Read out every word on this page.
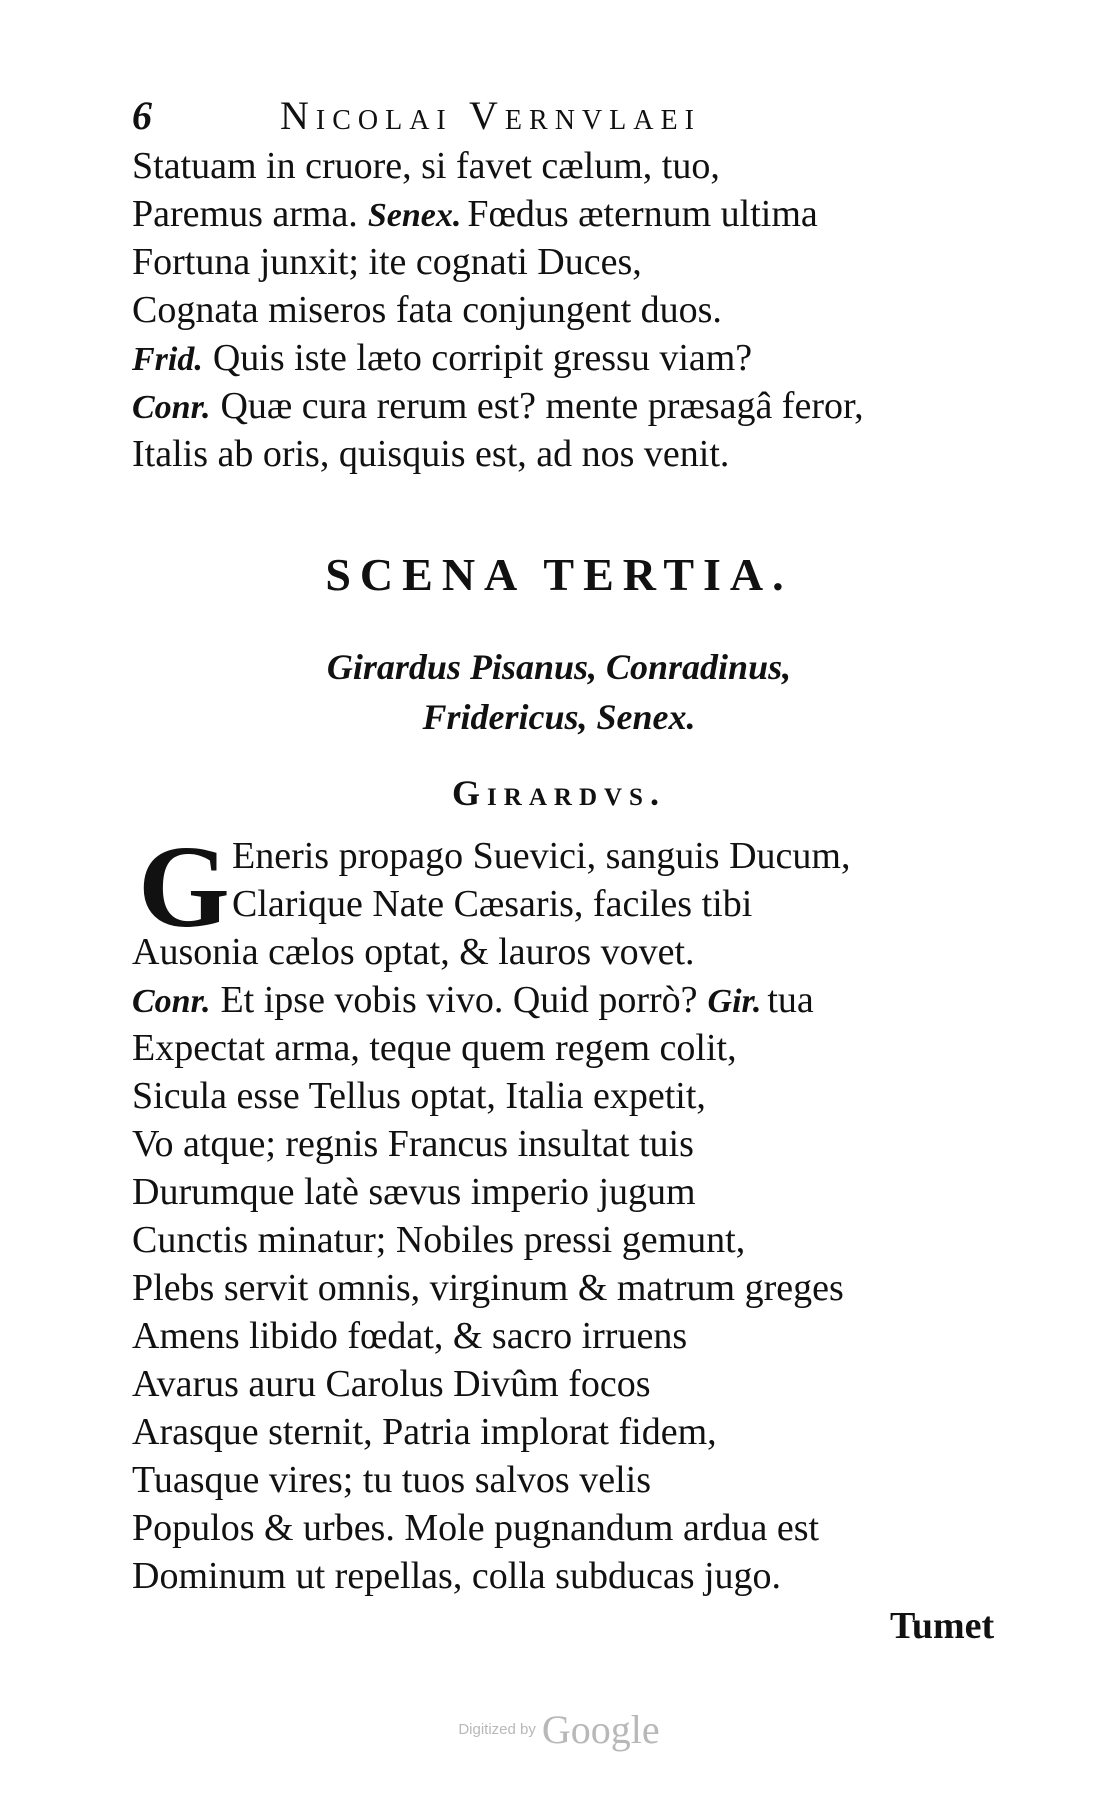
6	Nicolai Vernvlaei
Statuam in cruore, si favet cælum, tuo,
Paremus arma. Senex. Fœdus æternum ultima
Fortuna junxit; ite cognati Duces,
Cognata miseros fata conjungent duos.
Frid. Quis iste læto corripit gressu viam?
Conr. Quæ cura rerum est? mente præsagâ feror,
Italis ab oris, quisquis est, ad nos venit.
SCENA TERTIA.
Girardus Pisanus, Conradinus,
Fridericus, Senex.
Girardvs.
G Eneris propago Suevici, sanguis Ducum,
Clarique Nate Cæsaris, faciles tibi
Ausonia cælos optat, & lauros vovet.
Conr. Et ipse vobis vivo. Quid porrò? Gir. tua
Expectat arma, teque quem regem colit,
Sicula esse Tellus optat, Italia expetit,
Vo atque; regnis Francus insultat tuis
Durumque latè sævus imperio jugum
Cunctis minatur; Nobiles pressi gemunt,
Plebs servit omnis, virginum & matrum greges
Amens libido fœdat, & sacro irruens
Avarus auru Carolus Divûm focos
Arasque sternit, Patria implorat fidem,
Tuasque vires; tu tuos salvos velis
Populos & urbes. Mole pugnandum ardua est
Dominum ut repellas, colla subducas jugo.
Tumet
Digitized by Google
